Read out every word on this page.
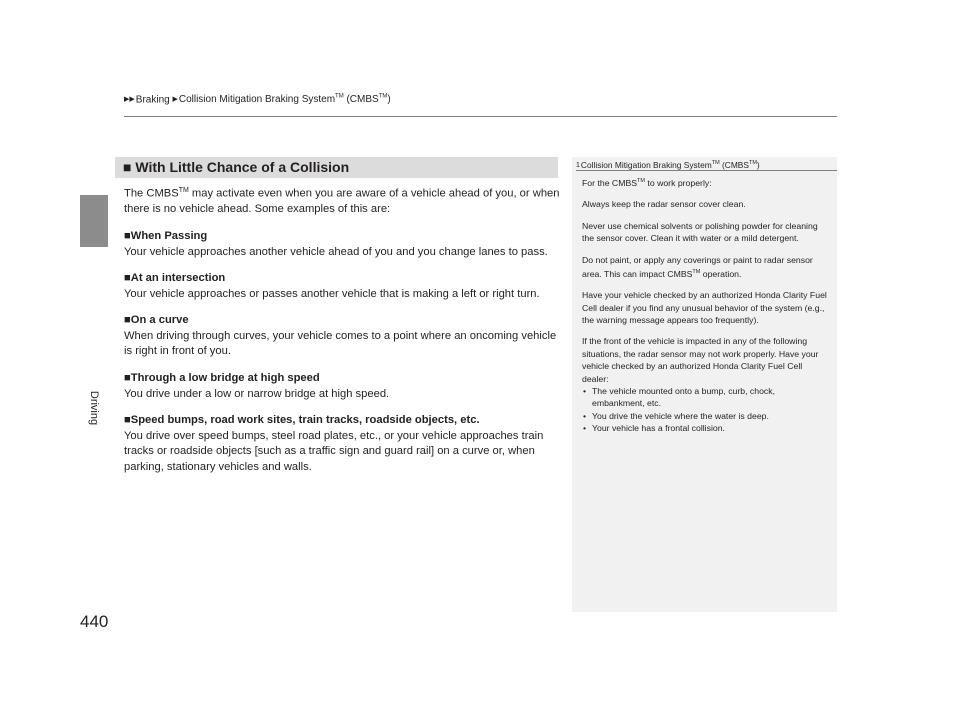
▶▶Braking ▶Collision Mitigation Braking System™ (CMBS™)
Driving
440
■ With Little Chance of a Collision

The CMBS™ may activate even when you are aware of a vehicle ahead of you, or when there is no vehicle ahead. Some examples of this are:

■When Passing

Your vehicle approaches another vehicle ahead of you and you change lanes to pass.

■At an intersection

Your vehicle approaches or passes another vehicle that is making a left or right turn.

■On a curve

When driving through curves, your vehicle comes to a point where an oncoming vehicle is right in front of you.

■Through a low bridge at high speed

You drive under a low or narrow bridge at high speed.

■Speed bumps, road work sites, train tracks, roadside objects, etc.

You drive over speed bumps, steel road plates, etc., or your vehicle approaches train tracks or roadside objects [such as a traffic sign and guard rail] on a curve or, when parking, stationary vehicles and walls.

1Collision Mitigation Braking System™ (CMBS™)

For the CMBS™ to work properly:

Always keep the radar sensor cover clean.

Never use chemical solvents or polishing powder for cleaning the sensor cover. Clean it with water or a mild detergent.

Do not paint, or apply any coverings or paint to radar sensor area. This can impact CMBS™ operation.

Have your vehicle checked by an authorized Honda Clarity Fuel Cell dealer if you find any unusual behavior of the system (e.g., the warning message appears too frequently).

If the front of the vehicle is impacted in any of the following situations, the radar sensor may not work properly. Have your vehicle checked by an authorized Honda Clarity Fuel Cell dealer:

• The vehicle mounted onto a bump, curb, chock, embankment, etc.
• You drive the vehicle where the water is deep.
• Your vehicle has a frontal collision.
